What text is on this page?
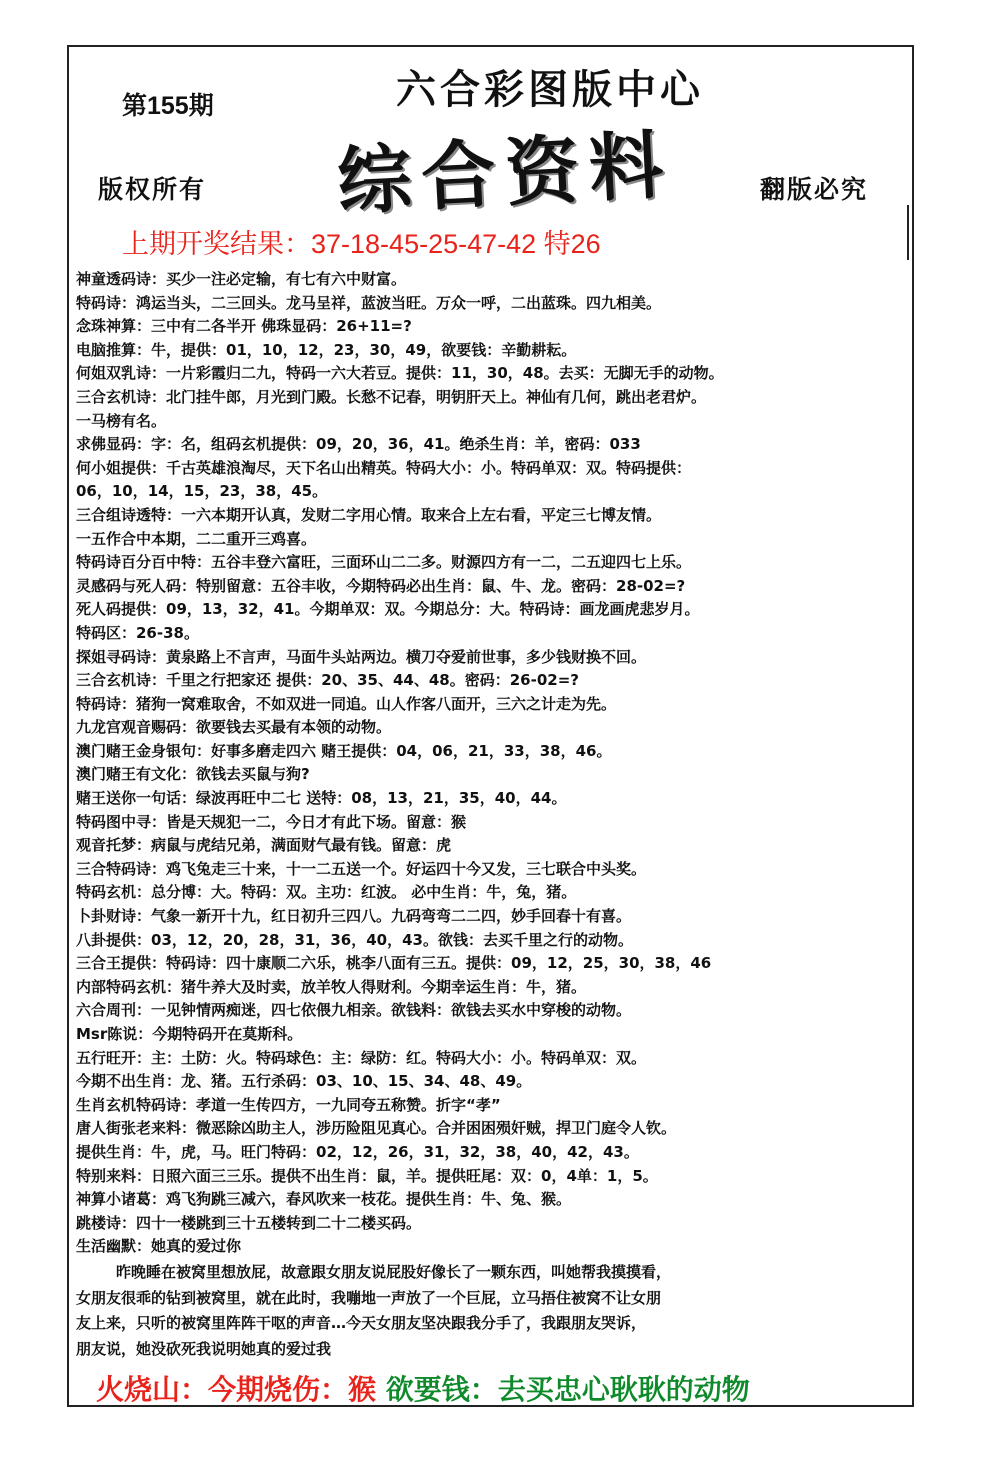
第155期	六合彩图版中心
综合资料
版权所有	翻版必究
上期开奖结果：37-18-45-25-47-42 特26
神童透码诗：买少一注必定输，有七有六中财富。
特码诗：鸿运当头，二三回头。龙马呈祥，蓝波当旺。万众一呼，二出蓝珠。四九相美。
念珠神算：三中有二各半开 佛珠显码：26+11=?
电脑推算：牛，提供：01，10，12，23，30，49，欲要钱：辛勤耕耘。
何姐双乳诗：一片彩霞归二九，特码一六大若豆。提供：11，30，48。去买：无脚无手的动物。
三合玄机诗：北门挂牛郎，月光到门殿。长愁不记春，明钥肝天上。神仙有几何，跳出老君炉。
一马榜有名。
求佛显码：字：名，组码玄机提供：09，20，36，41。绝杀生肖：羊，密码：033
何小姐提供：千古英雄浪淘尽，天下名山出精英。特码大小：小。特码单双：双。特码提供：
06，10，14，15，23，38，45。
三合组诗透特：一六本期开认真，发财二字用心情。取来合上左右看，平定三七博友情。
一五作合中本期，二二重开三鸡喜。
特码诗百分百中特：五谷丰登六富旺，三面环山二二多。财源四方有一二，二五迎四七上乐。
灵感码与死人码：特别留意：五谷丰收，今期特码必出生肖：鼠、牛、龙。密码：28-02=?
死人码提供：09，13，32，41。今期单双：双。今期总分：大。特码诗：画龙画虎悲岁月。
特码区：26-38。
探姐寻码诗：黄泉路上不言声，马面牛头站两边。横刀夺爱前世事，多少钱财换不回。
三合玄机诗：千里之行把家还 提供：20、35、44、48。密码：26-02=?
特码诗：猪狗一窝难取舍，不如双进一同追。山人作客八面开，三六之计走为先。
九龙宫观音赐码：欲要钱去买最有本领的动物。
澳门赌王金身银句：好事多磨走四六 赌王提供：04，06，21，33，38，46。
澳门赌王有文化：欲钱去买鼠与狗?
赌王送你一句话：绿波再旺中二七 送特：08，13，21，35，40，44。
特码图中寻：皆是天规犯一二，今日才有此下场。留意：猴
观音托梦：病鼠与虎结兄弟，满面财气最有钱。留意：虎
三合特码诗：鸡飞兔走三十来，十一二五送一个。好运四十今又发，三七联合中头奖。
特码玄机：总分博：大。特码：双。主功：红波。 必中生肖：牛，兔，猪。
卜卦财诗：气象一新开十九，红日初升三四八。九码弯弯二二四，妙手回春十有喜。
八卦提供：03，12，20，28，31，36，40，43。欲钱：去买千里之行的动物。
三合王提供：特码诗：四十康顺二六乐，桃李八面有三五。提供：09，12，25，30，38，46
内部特码玄机：猪牛养大及时卖，放羊牧人得财利。今期幸运生肖：牛，猪。
六合周刊：一见钟情两痴迷，四七依偎九相亲。欲钱料：欲钱去买水中穿梭的动物。
Msr陈说：今期特码开在莫斯科。
五行旺开：主：土防：火。特码球色：主：绿防：红。特码大小：小。特码单双：双。
今期不出生肖：龙、猪。五行杀码：03、10、15、34、48、49。
生肖玄机特码诗：孝道一生传四方，一九同夸五称赞。折字“孝”
唐人街张老来料：微恶除凶助主人，涉历险阻见真心。合并困困殒奸贼，捍卫门庭令人钦。
提供生肖：牛，虎，马。旺门特码：02，12，26，31，32，38，40，42，43。
特别来料：日照六面三三乐。提供不出生肖：鼠，羊。提供旺尾：双：0，4单：1，5。
神算小诸葛：鸡飞狗跳三减六，春风吹来一枝花。提供生肖：牛、兔、猴。
跳楼诗：四十一楼跳到三十五楼转到二十二楼买码。
生活幽默：她真的爱过你
昨晚睡在被窝里想放屁，故意跟女朋友说屁股好像长了一颗东西，叫她帮我摸摸看，
女朋友很乖的钻到被窝里，就在此时，我嘣地一声放了一个巨屁，立马捂住被窝不让女朋
友上来，只听的被窝里阵阵干呕的声音…今天女朋友坚决跟我分手了，我跟朋友哭诉，
朋友说，她没砍死我说明她真的爱过我
火烧山：今期烧伤：猴 欲要钱：去买忠心耿耿的动物
